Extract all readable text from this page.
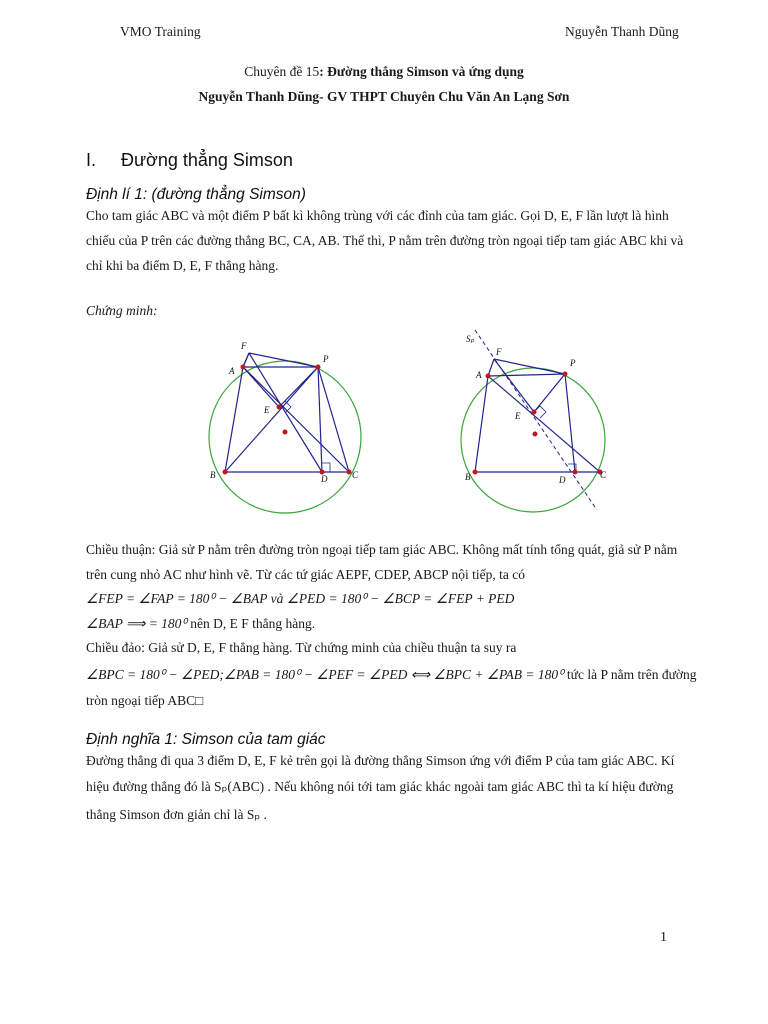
VMO Training	Nguyễn Thanh Dũng
Chuyên đề 15: Đường thẳng Simson và ứng dụng
Nguyễn Thanh Dũng- GV THPT Chuyên Chu Văn An Lạng Sơn
I. Đường thẳng Simson
Định lí 1: (đường thẳng Simson)
Cho tam giác ABC và một điểm P bất kì không trùng với các đỉnh của tam giác. Gọi D, E, F lần lượt là hình
chiếu của P trên các đường thẳng BC, CA, AB. Thế thì, P nằm trên đường tròn ngoại tiếp tam giác ABC khi và
chỉ khi ba điểm D, E, F thẳng hàng.
Chứng minh:
F
A
P
E
B	D	C
Sₚ
F
A
P
E
B	D	C
Chiều thuận: Giả sử P nằm trên đường tròn ngoại tiếp tam giác ABC. Không mất tính tổng quát, giả sử P nằm
trên cung nhỏ AC như hình vẽ. Từ các tứ giác AEPF, CDEP, ABCP nội tiếp, ta có
∠FEP = ∠FAP = 180⁰ − ∠BAP và ∠PED = 180⁰ − ∠BCP = ∠FEP + PED
∠BAP ⟹ = 180⁰ nên D, E F thẳng hàng.
Chiều đảo: Giả sử D, E, F thẳng hàng. Từ chứng minh của chiều thuận ta suy ra
∠BPC = 180⁰ − ∠PED;∠PAB = 180⁰ − ∠PEF = ∠PED ⟺ ∠BPC + ∠PAB = 180⁰ tức là P nằm trên đường
tròn ngoại tiếp ABC□
Định nghĩa 1: Simson của tam giác
Đường thẳng đi qua 3 điểm D, E, F kẻ trên gọi là đường thẳng Simson ứng với điểm P của tam giác ABC. Kí
hiệu đường thẳng đó là Sₚ(ABC) . Nếu không nói tới tam giác khác ngoài tam giác ABC thì ta kí hiệu đường
thẳng Simson đơn giản chỉ là Sₚ .
1
